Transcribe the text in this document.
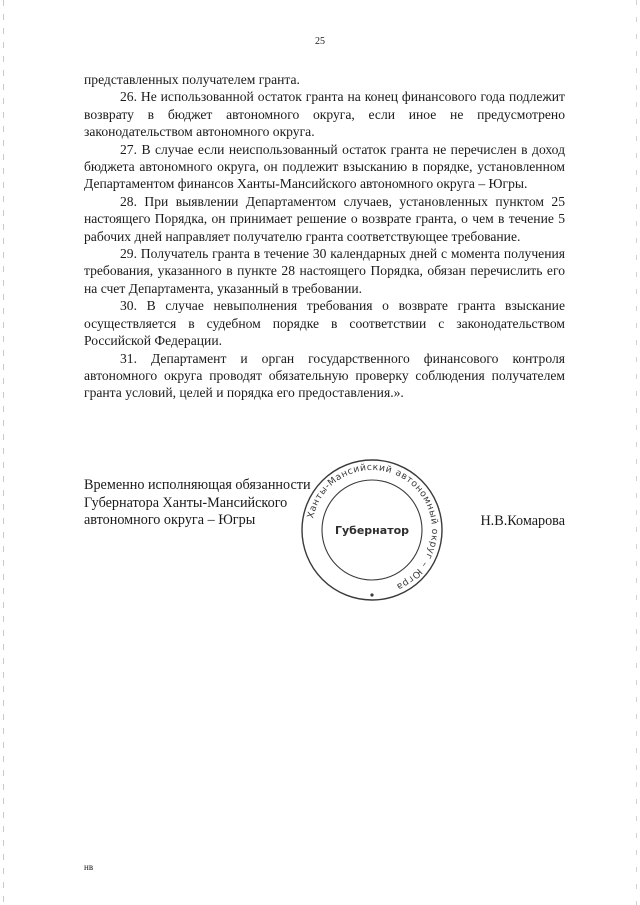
25

представленных получателем гранта.

26. Не использованной остаток гранта на конец финансового года подлежит возврату в бюджет автономного округа, если иное не предусмотрено законодательством автономного округа.

27. В случае если неиспользованный остаток гранта не перечислен в доход бюджета автономного округа, он подлежит взысканию в порядке, установленном Департаментом финансов Ханты-Мансийского автономного округа – Югры.

28. При выявлении Департаментом случаев, установленных пунктом 25 настоящего Порядка, он принимает решение о возврате гранта, о чем в течение 5 рабочих дней направляет получателю гранта соответствующее требование.

29. Получатель гранта в течение 30 календарных дней с момента получения требования, указанного в пункте 28 настоящего Порядка, обязан перечислить его на счет Департамента, указанный в требовании.

30. В случае невыполнения требования о возврате гранта взыскание осуществляется в судебном порядке в соответствии с законодательством Российской Федерации.

31. Департамент и орган государственного финансового контроля автономного округа проводят обязательную проверку соблюдения получателем гранта условий, целей и порядка его предоставления.».

Временно исполняющая обязанности
Губернатора Ханты-Мансийского
автономного округа – Югры	Ханты-Мансийский автономный округ – Югра
Губернатор
Н.В.Комарова
нв
